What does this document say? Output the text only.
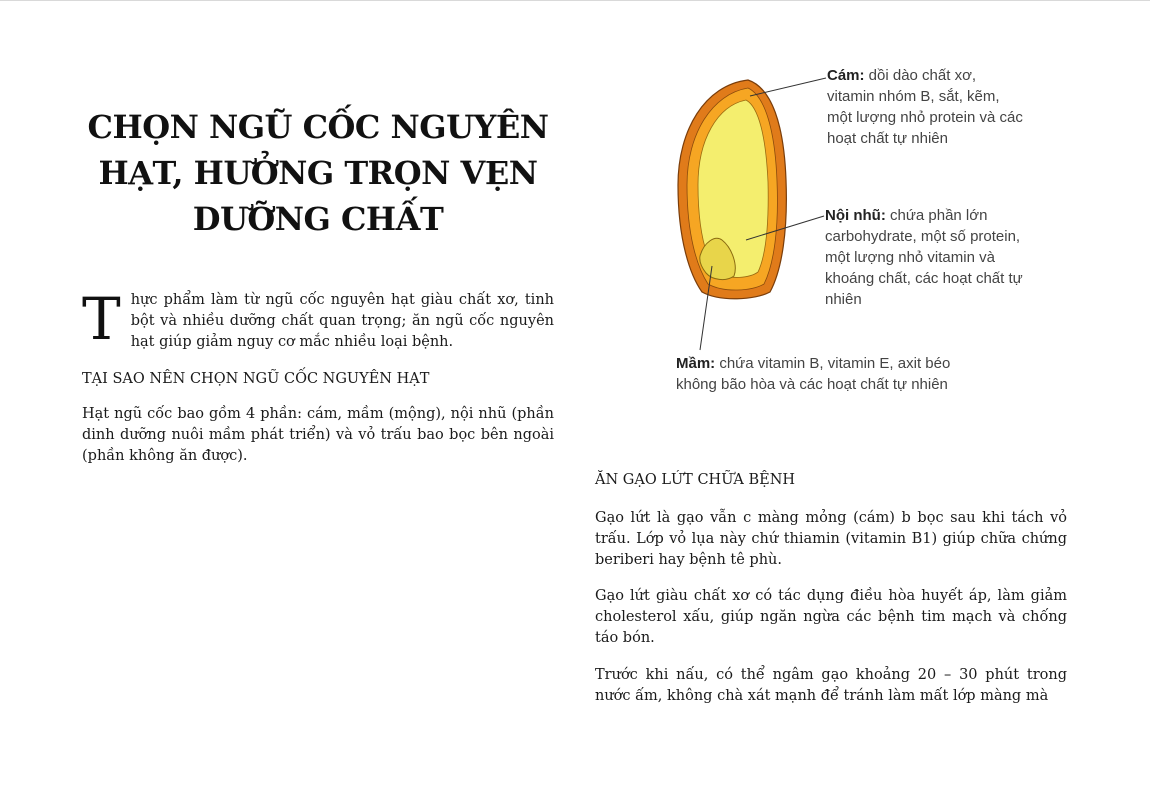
CHỌN NGŨ CỐC NGUYÊN HẠT, HƯỞNG TRỌN VẸN DƯỠNG CHẤT

Thực phẩm làm từ ngũ cốc nguyên hạt giàu chất xơ, tinh bột và nhiều dưỡng chất quan trọng; ăn ngũ cốc nguyên hạt giúp giảm nguy cơ mắc nhiều loại bệnh.

TẠI SAO NÊN CHỌN NGŨ CỐC NGUYÊN HẠT

Hạt ngũ cốc bao gồm 4 phần: cám, mầm (mộng), nội nhũ (phần dinh dưỡng nuôi mầm phát triển) và vỏ trấu bao bọc bên ngoài (phần không ăn được).

Cám: dồi dào chất xơ, vitamin nhóm B, sắt, kẽm, một lượng nhỏ protein và các hoạt chất tự nhiên
Nội nhũ: chứa phần lớn carbohydrate, một số protein, một lượng nhỏ vitamin và khoáng chất, các hoạt chất tự nhiên
Mầm: chứa vitamin B, vitamin E, axit béo không bão hòa và các hoạt chất tự nhiên
ĂN GẠO LỨT CHỮA BỆNH

Gạo lứt là gạo vẫn c màng mỏng (cám) b bọc sau khi tách vỏ trấu. Lớp vỏ lụa này chứ thiamin (vitamin B1) giúp chữa chứng beriberi hay bệnh tê phù.

Gạo lứt giàu chất xơ có tác dụng điều hòa huyết áp, làm giảm cholesterol xấu, giúp ngăn ngừa các bệnh tim mạch và chống táo bón.

Trước khi nấu, có thể ngâm gạo khoảng 20 – 30 phút trong nước ấm, không chà xát mạnh để tránh làm mất lớp màng mà
